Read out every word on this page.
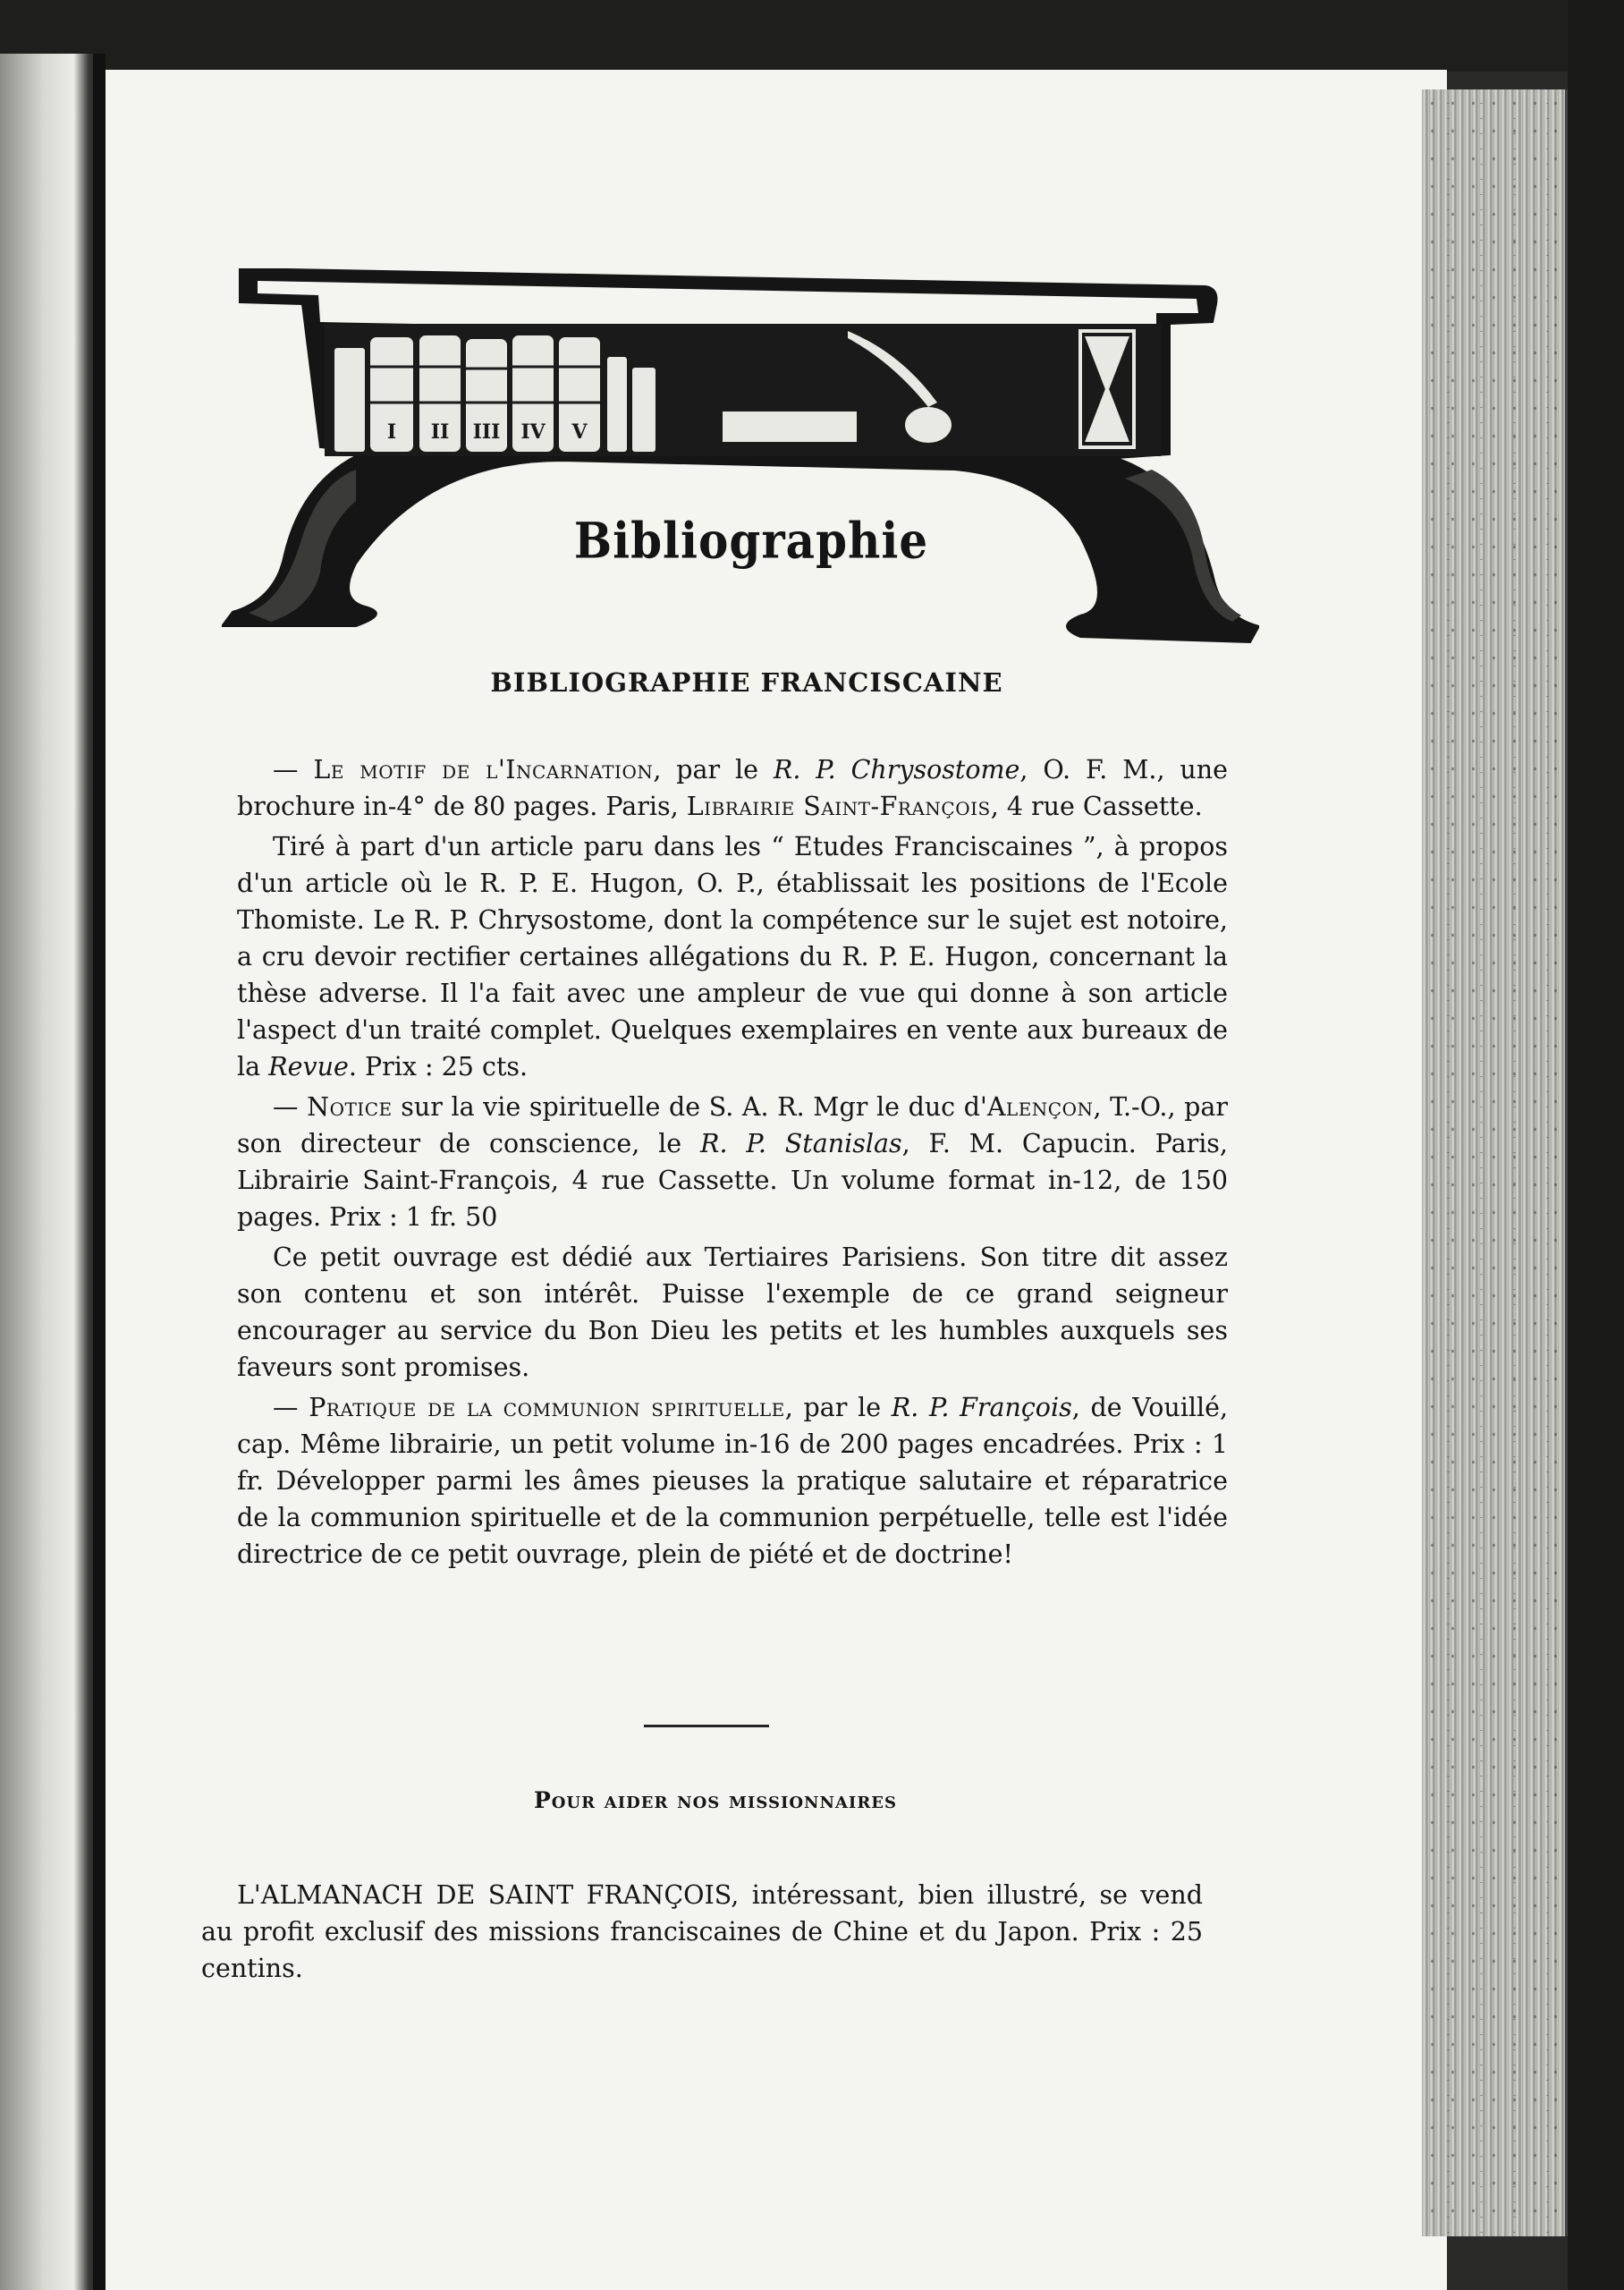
I II III IV V
Bibliographie
BIBLIOGRAPHIE FRANCISCAINE

— Le motif de l'Incarnation, par le R. P. Chrysostome, O. F. M., une brochure in-4° de 80 pages. Paris, Librairie Saint-François, 4 rue Cassette.

Tiré à part d'un article paru dans les “ Etudes Franciscaines ”, à propos d'un article où le R. P. E. Hugon, O. P., établissait les positions de l'Ecole Thomiste. Le R. P. Chrysostome, dont la compétence sur le sujet est notoire, a cru devoir rectifier certaines allégations du R. P. E. Hugon, concernant la thèse adverse. Il l'a fait avec une ampleur de vue qui donne à son article l'aspect d'un traité complet. Quelques exemplaires en vente aux bureaux de la Revue. Prix : 25 cts.

— Notice sur la vie spirituelle de S. A. R. Mgr le duc d'Alençon, T.-O., par son directeur de conscience, le R. P. Stanislas, F. M. Capucin. Paris, Librairie Saint-François, 4 rue Cassette. Un volume format in-12, de 150 pages. Prix : 1 fr. 50

Ce petit ouvrage est dédié aux Tertiaires Parisiens. Son titre dit assez son contenu et son intérêt. Puisse l'exemple de ce grand seigneur encourager au service du Bon Dieu les petits et les humbles auxquels ses faveurs sont promises.

— Pratique de la communion spirituelle, par le R. P. François, de Vouillé, cap. Même librairie, un petit volume in-16 de 200 pages encadrées. Prix : 1 fr. Développer parmi les âmes pieuses la pratique salutaire et réparatrice de la communion spirituelle et de la communion perpétuelle, telle est l'idée directrice de ce petit ouvrage, plein de piété et de doctrine!

Pour aider nos missionnaires

L'ALMANACH DE SAINT FRANÇOIS, intéressant, bien illustré, se vend au profit exclusif des missions franciscaines de Chine et du Japon. Prix : 25 centins.
